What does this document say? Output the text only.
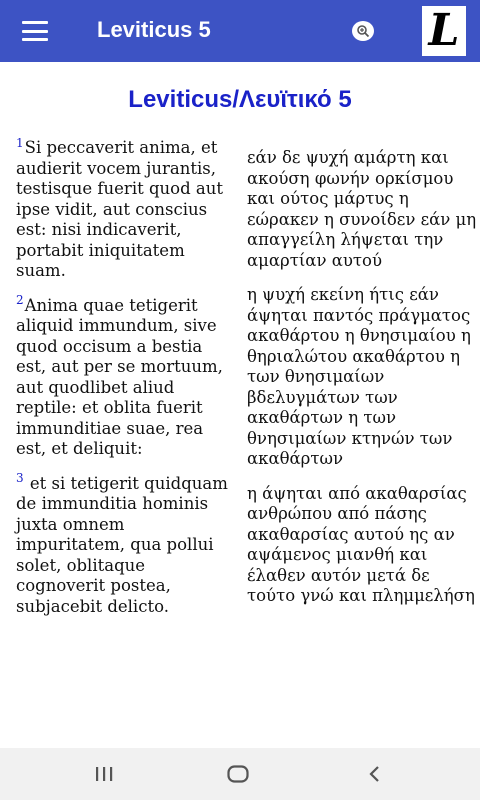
Leviticus 5	L
Leviticus/Λευϊτικό 5
$^1$Si peccaverit anima, et audierit vocem jurantis, testisque fuerit quod aut ipse vidit, aut conscius est: nisi indicaverit, portabit iniquitatem suam.
$^2$Anima quae tetigerit aliquid immundum, sive quod occisum a bestia est, aut per se mortuum, aut quodlibet aliud reptile: et oblita fuerit immunditiae suae, rea est, et deliquit:
$^3$ et si tetigerit quidquam de immunditia hominis juxta omnem impuritatem, qua pollui solet, oblitaque cognoverit postea, subjacebit delicto.
εάν δε ψυχή αμάρτη και ακούση φωνήν ορκίσμου και ούτος μάρτυς η εώρακεν η συνοίδεν εάν μη απαγγείλη λήψεται την αμαρτίαν αυτού
η ψυχή εκείνη ήτις εάν άψηται παντός πράγματος ακαθάρτου η θνησιμαίου η θηριαλώτου ακαθάρτου η των θνησιμαίων βδελυγμάτων των ακαθάρτων η των θνησιμαίων κτηνών των ακαθάρτων
η άψηται από ακαθαρσίας ανθρώπου από πάσης ακαθαρσίας αυτού ης αν αψάμενος μιανθή και έλαθεν αυτόν μετά δε τούτο γνώ και πλημμελήση
